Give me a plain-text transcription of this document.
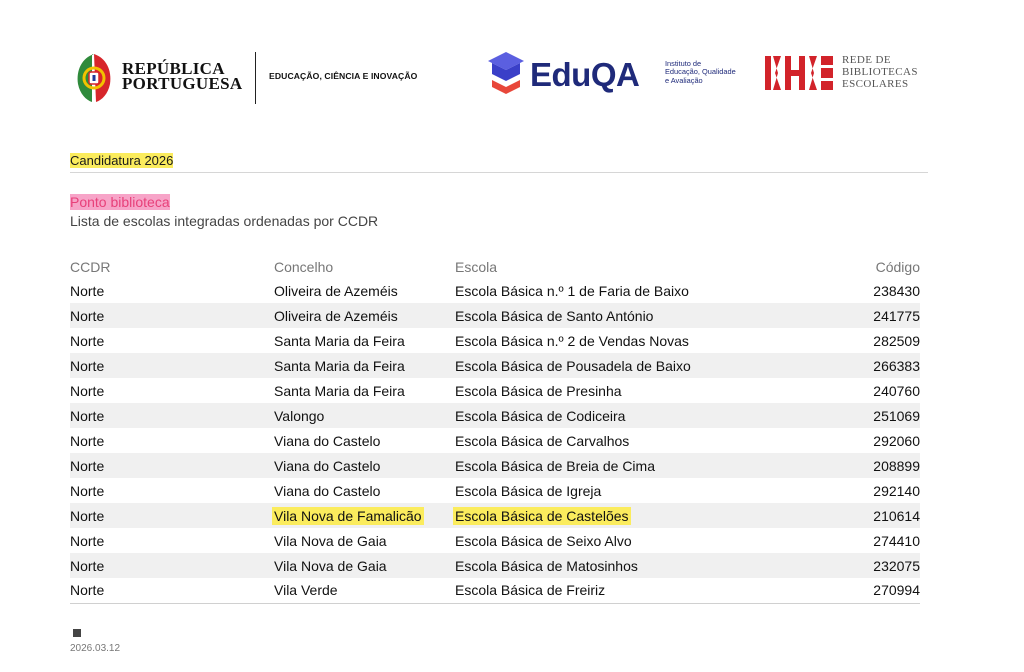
REPÚBLICA
PORTUGUESA	EDUCAÇÃO, CIÊNCIA E INOVAÇÃO	EduQA	Instituto de
Educação, Qualidade
e Avaliação
REDE DE
BIBLIOTECAS
ESCOLARES
Candidatura 2026
Ponto biblioteca
Lista de escolas integradas ordenadas por CCDR
CCDR	Concelho	Escola	Código
Norte	Oliveira de Azeméis	Escola Básica n.º 1 de Faria de Baixo	238430
Norte	Oliveira de Azeméis	Escola Básica de Santo António	241775
Norte	Santa Maria da Feira	Escola Básica n.º 2 de Vendas Novas	282509
Norte	Santa Maria da Feira	Escola Básica de Pousadela de Baixo	266383
Norte	Santa Maria da Feira	Escola Básica de Presinha	240760
Norte	Valongo	Escola Básica de Codiceira	251069
Norte	Viana do Castelo	Escola Básica de Carvalhos	292060
Norte	Viana do Castelo	Escola Básica de Breia de Cima	208899
Norte	Viana do Castelo	Escola Básica de Igreja	292140
Norte	Vila Nova de Famalicão	Escola Básica de Castelões	210614
Norte	Vila Nova de Gaia	Escola Básica de Seixo Alvo	274410
Norte	Vila Nova de Gaia	Escola Básica de Matosinhos	232075
Norte	Vila Verde	Escola Básica de Freiriz	270994
2026.03.12
